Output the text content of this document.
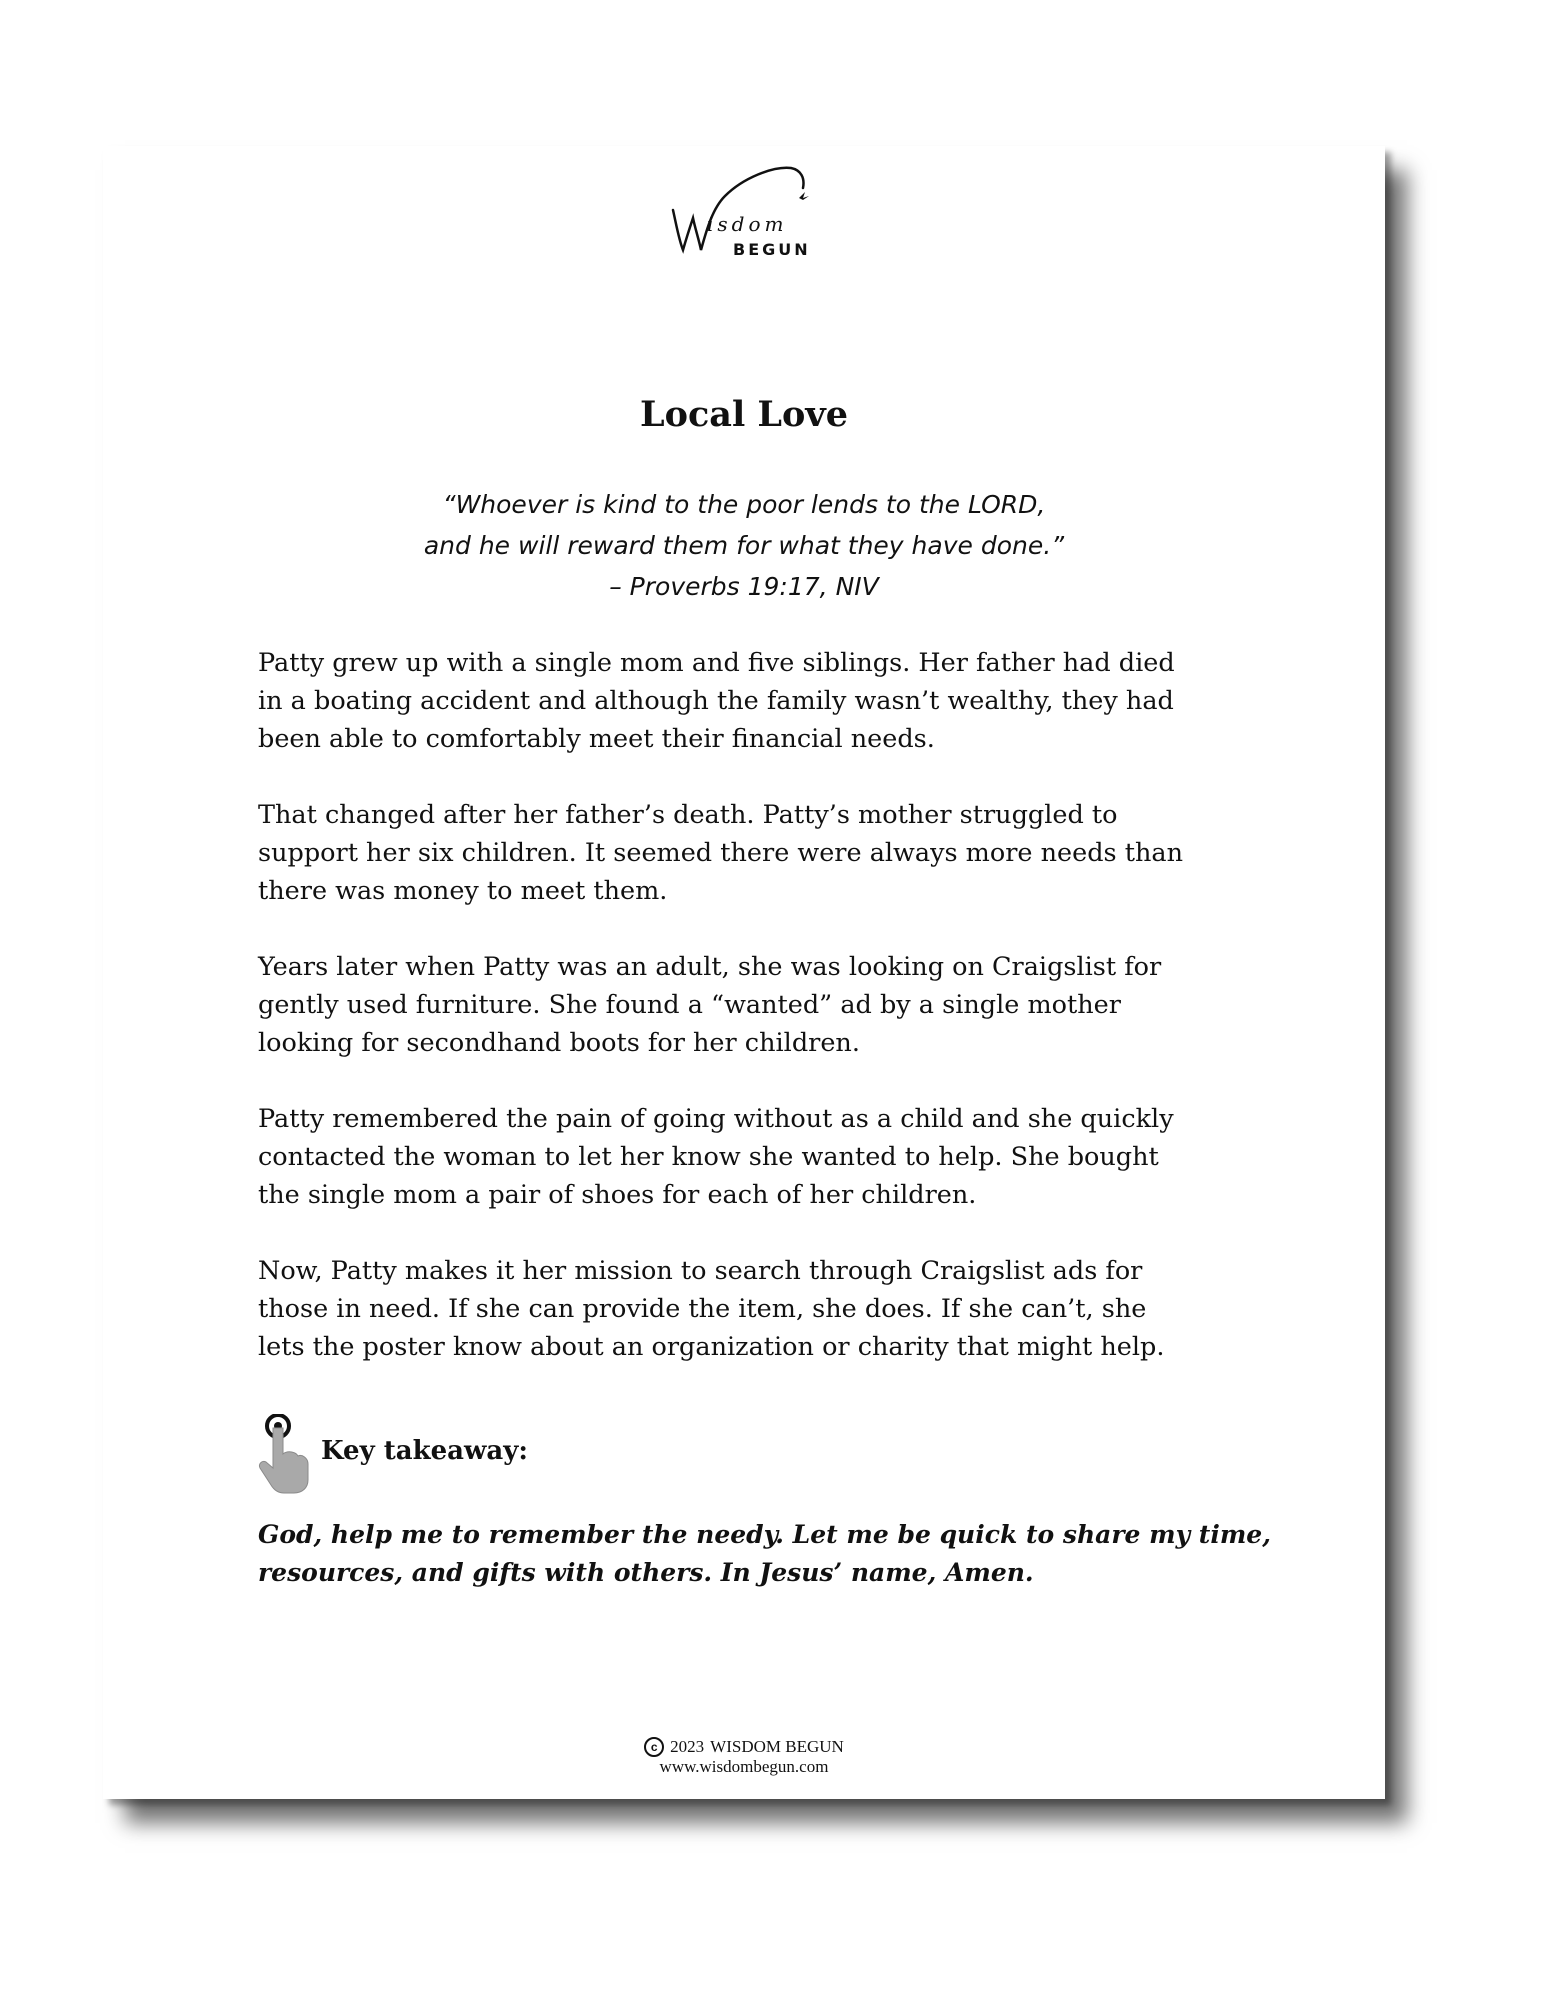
isdom
BEGUN
Local Love
“Whoever is kind to the poor lends to the LORD,
and he will reward them for what they have done.”
– Proverbs 19:17, NIV
Patty grew up with a single mom and five siblings. Her father had died
in a boating accident and although the family wasn’t wealthy, they had
been able to comfortably meet their financial needs.
That changed after her father’s death. Patty’s mother struggled to
support her six children. It seemed there were always more needs than
there was money to meet them.
Years later when Patty was an adult, she was looking on Craigslist for
gently used furniture. She found a “wanted” ad by a single mother
looking for secondhand boots for her children.
Patty remembered the pain of going without as a child and she quickly
contacted the woman to let her know she wanted to help. She bought
the single mom a pair of shoes for each of her children.
Now, Patty makes it her mission to search through Craigslist ads for
those in need. If she can provide the item, she does. If she can’t, she
lets the poster know about an organization or charity that might help.
Key takeaway:
God, help me to remember the needy. Let me be quick to share my time,
resources, and gifts with others. In Jesus’ name, Amen.
c 2023 WISDOM BEGUN
www.wisdombegun.com
